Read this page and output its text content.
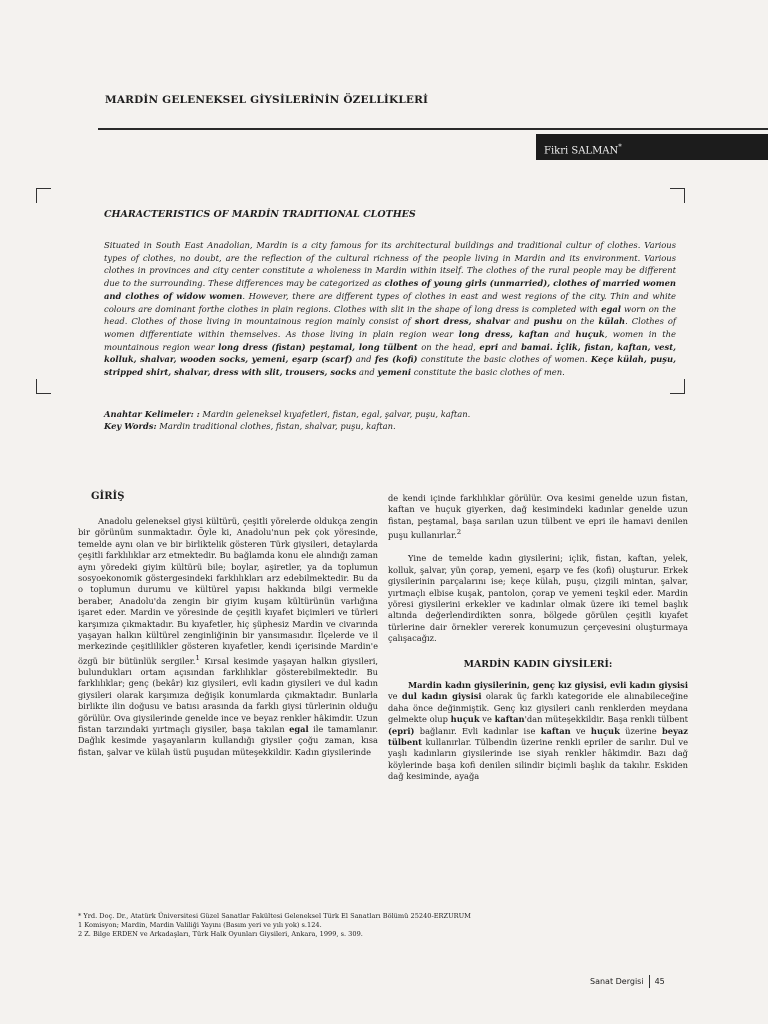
MARDİN GELENEKSEL GİYSİLERİNİN ÖZELLİKLERİ
Fikri SALMAN*
CHARACTERISTICS OF MARDİN TRADITIONAL CLOTHES

Situated in South East Anadolian, Mardin is a city famous for its architectural buildings and traditional cultur of clothes. Various types of clothes, no doubt, are the reflection of the cultural richness of the people living in Mardin and its environment. Various clothes in provinces and city center constitute a wholeness in Mardin within itself. The clothes of the rural people may be different due to the surrounding. These differences may be categorized as clothes of young girls (unmarried), clothes of married women and clothes of widow women. However, there are different types of clothes in east and west regions of the city. Thin and white colours are dominant forthe clothes in plain regions. Clothes with slit in the shape of long dress is completed with egal worn on the head. Clothes of those living in mountainous region mainly consist of short dress, shalvar and pushu on the külah. Clothes of women differentiate within themselves. As those living in plain region wear long dress, kaftan and huçuk, women in the mountainous region wear long dress (fistan) peştamal, long tülbent on the head, epri and bamai. İçlik, fistan, kaftan, vest, kolluk, shalvar, wooden socks, yemeni, eşarp (scarf) and fes (kofi) constitute the basic clothes of women. Keçe külah, puşu, stripped shirt, shalvar, dress with slit, trousers, socks and yemeni constitute the basic clothes of men.

Anahtar Kelimeler: : Mardin geleneksel kıyafetleri, fistan, egal, şalvar, puşu, kaftan.
Key Words: Mardin traditional clothes, fistan, shalvar, puşu, kaftan.
GİRİŞ

Anadolu geleneksel giysi kültürü, çeşitli yörelerde oldukça zengin bir görünüm sunmaktadır. Öyle ki, Anadolu'nun pek çok yöresinde, temelde aynı olan ve bir birliktelik gösteren Türk giysileri, detaylarda çeşitli farklılıklar arz etmektedir. Bu bağlamda konu ele alındığı zaman aynı yöredeki giyim kültürü bile; boylar, aşiretler, ya da toplumun sosyoekonomik göstergesindeki farklılıkları arz edebilmektedir. Bu da o toplumun durumu ve kültürel yapısı hakkında bilgi vermekle beraber, Anadolu'da zengin bir giyim kuşam kültürünün varlığına işaret eder. Mardin ve yöresinde de çeşitli kıyafet biçimleri ve türleri karşımıza çıkmaktadır. Bu kıyafetler, hiç şüphesiz Mardin ve civarında yaşayan halkın kültürel zenginliğinin bir yansımasıdır. İlçelerde ve il merkezinde çeşitlilikler gösteren kıyafetler, kendi içerisinde Mardin'e özgü bir bütünlük sergiler.$^1$ Kırsal kesimde yaşayan halkın giysileri, bulundukları ortam açısından farklılıklar gösterebilmektedir. Bu farklılıklar; genç (bekâr) kız giysileri, evli kadın giysileri ve dul kadın giysileri olarak karşımıza değişik konumlarda çıkmaktadır. Bunlarla birlikte ilin doğusu ve batısı arasında da farklı giysi türlerinin olduğu görülür. Ova giysilerinde genelde ince ve beyaz renkler hâkimdir. Uzun fistan tarzındaki yırtmaçlı giysiler, başa takılan egal ile tamamlanır. Dağlık kesimde yaşayanların kullandığı giysiler çoğu zaman, kısa fistan, şalvar ve külah üstü puşudan müteşekkildir. Kadın giysilerinde

de kendi içinde farklılıklar görülür. Ova kesimi genelde uzun fistan, kaftan ve huçuk giyerken, dağ kesimindeki kadınlar genelde uzun fistan, peştamal, başa sarılan uzun tülbent ve epri ile hamavi denilen puşu kullanırlar.$^2$

Yine de temelde kadın giysilerini; içlik, fistan, kaftan, yelek, kolluk, şalvar, yün çorap, yemeni, eşarp ve fes (kofi) oluşturur. Erkek giysilerinin parçalarını ise; keçe külah, puşu, çizgili mintan, şalvar, yırtmaçlı elbise kuşak, pantolon, çorap ve yemeni teşkil eder. Mardin yöresi giysilerini erkekler ve kadınlar olmak üzere iki temel başlık altında değerlendirdikten sonra, bölgede görülen çeşitli kıyafet türlerine dair örnekler vererek konumuzun çerçevesini oluşturmaya çalışacağız.

MARDİN KADIN GİYSİLERİ:

Mardin kadın giysilerinin, genç kız giysisi, evli kadın giysisi ve dul kadın giysisi olarak üç farklı kategoride ele alınabileceğine daha önce değinmiştik. Genç kız giysileri canlı renklerden meydana gelmekte olup huçuk ve kaftan'dan müteşekkildir. Başa renkli tülbent (epri) bağlanır. Evli kadınlar ise kaftan ve huçuk üzerine beyaz tülbent kullanırlar. Tülbendin üzerine renkli epriler de sarılır. Dul ve yaşlı kadınların giysilerinde ise siyah renkler hâkimdir. Bazı dağ köylerinde başa kofi denilen silindir biçimli başlık da takılır. Eskiden dağ kesiminde, ayağa

* Yrd. Doç. Dr., Atatürk Üniversitesi Güzel Sanatlar Fakültesi Geleneksel Türk El Sanatları Bölümü 25240-ERZURUM
1 Komisyon; Mardin, Mardin Valiliği Yayını (Basım yeri ve yılı yok) s.124.
2 Z. Bilge ERDEN ve Arkadaşları, Türk Halk Oyunları Giysileri, Ankara, 1999, s. 309.
Sanat Dergisi 45
